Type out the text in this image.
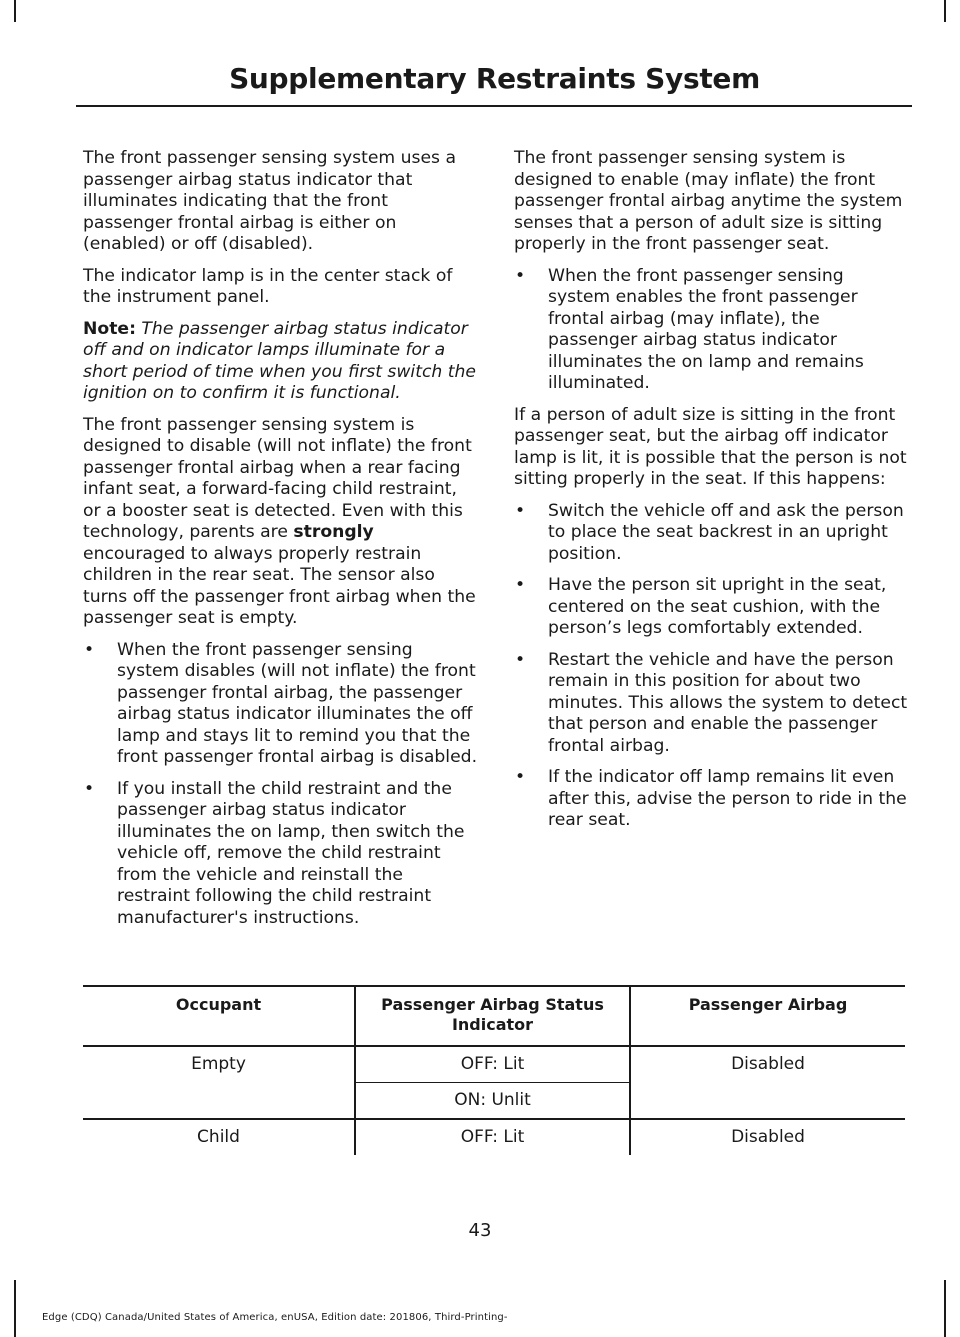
Supplementary Restraints System

The front passenger sensing system uses a passenger airbag status indicator that illuminates indicating that the front passenger frontal airbag is either on (enabled) or off (disabled).

The indicator lamp is in the center stack of the instrument panel.

Note: The passenger airbag status indicator off and on indicator lamps illuminate for a short period of time when you first switch the ignition on to confirm it is functional.

The front passenger sensing system is designed to disable (will not inflate) the front passenger frontal airbag when a rear facing infant seat, a forward-facing child restraint, or a booster seat is detected. Even with this technology, parents are strongly encouraged to always properly restrain children in the rear seat. The sensor also turns off the passenger front airbag when the passenger seat is empty.

• When the front passenger sensing system disables (will not inflate) the front passenger frontal airbag, the passenger airbag status indicator illuminates the off lamp and stays lit to remind you that the front passenger frontal airbag is disabled.
• If you install the child restraint and the passenger airbag status indicator illuminates the on lamp, then switch the vehicle off, remove the child restraint from the vehicle and reinstall the restraint following the child restraint manufacturer's instructions.

The front passenger sensing system is designed to enable (may inflate) the front passenger frontal airbag anytime the system senses that a person of adult size is sitting properly in the front passenger seat.

• When the front passenger sensing system enables the front passenger frontal airbag (may inflate), the passenger airbag status indicator illuminates the on lamp and remains illuminated.

If a person of adult size is sitting in the front passenger seat, but the airbag off indicator lamp is lit, it is possible that the person is not sitting properly in the seat. If this happens:

• Switch the vehicle off and ask the person to place the seat backrest in an upright position.
• Have the person sit upright in the seat, centered on the seat cushion, with the person’s legs comfortably extended.
• Restart the vehicle and have the person remain in this position for about two minutes. This allows the system to detect that person and enable the passenger frontal airbag.
• If the indicator off lamp remains lit even after this, advise the person to ride in the rear seat.
Occupant	Passenger Airbag Status Indicator	Passenger Airbag
Empty	OFF: Lit	Disabled
	ON: Unlit	
Child	OFF: Lit	Disabled
43
Edge (CDQ) Canada/United States of America, enUSA, Edition date: 201806, Third-Printing-
